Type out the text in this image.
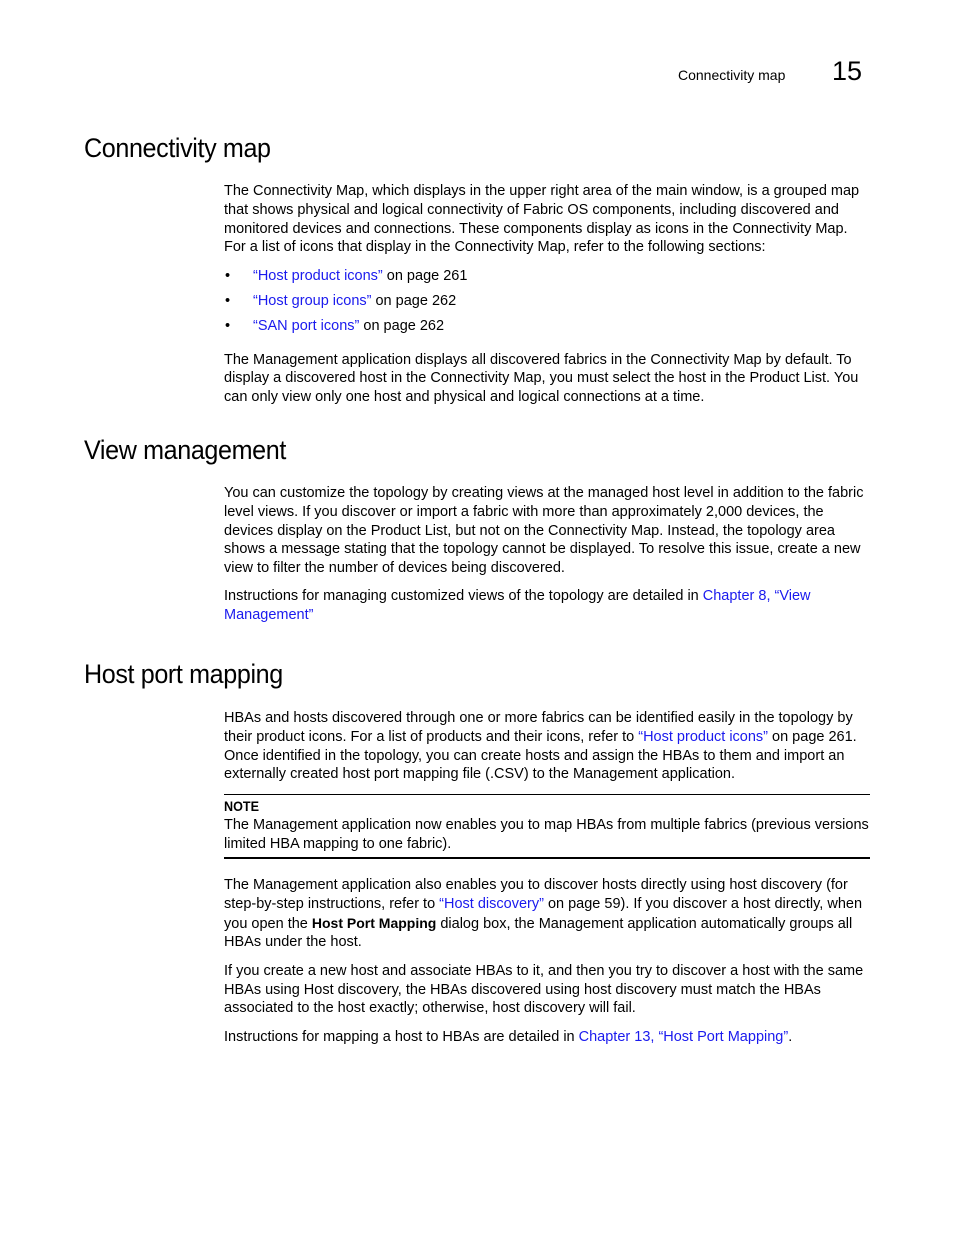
Connectivity map 15
Connectivity map

The Connectivity Map, which displays in the upper right area of the main window, is a grouped map that shows physical and logical connectivity of Fabric OS components, including discovered and monitored devices and connections. These components display as icons in the Connectivity Map. For a list of icons that display in the Connectivity Map, refer to the following sections:

• “Host product icons” on page 261
• “Host group icons” on page 262
• “SAN port icons” on page 262

The Management application displays all discovered fabrics in the Connectivity Map by default. To display a discovered host in the Connectivity Map, you must select the host in the Product List. You can only view only one host and physical and logical connections at a time.

View management

You can customize the topology by creating views at the managed host level in addition to the fabric level views. If you discover or import a fabric with more than approximately 2,000 devices, the devices display on the Product List, but not on the Connectivity Map. Instead, the topology area shows a message stating that the topology cannot be displayed. To resolve this issue, create a new view to filter the number of devices being discovered.

Instructions for managing customized views of the topology are detailed in Chapter 8, “View Management”

Host port mapping

HBAs and hosts discovered through one or more fabrics can be identified easily in the topology by their product icons. For a list of products and their icons, refer to “Host product icons” on page 261. Once identified in the topology, you can create hosts and assign the HBAs to them and import an externally created host port mapping file (.CSV) to the Management application.

NOTE
The Management application now enables you to map HBAs from multiple fabrics (previous versions limited HBA mapping to one fabric).

The Management application also enables you to discover hosts directly using host discovery (for step-by-step instructions, refer to “Host discovery” on page 59). If you discover a host directly, when you open the Host Port Mapping dialog box, the Management application automatically groups all HBAs under the host.

If you create a new host and associate HBAs to it, and then you try to discover a host with the same HBAs using Host discovery, the HBAs discovered using host discovery must match the HBAs associated to the host exactly; otherwise, host discovery will fail.

Instructions for mapping a host to HBAs are detailed in Chapter 13, “Host Port Mapping”.
